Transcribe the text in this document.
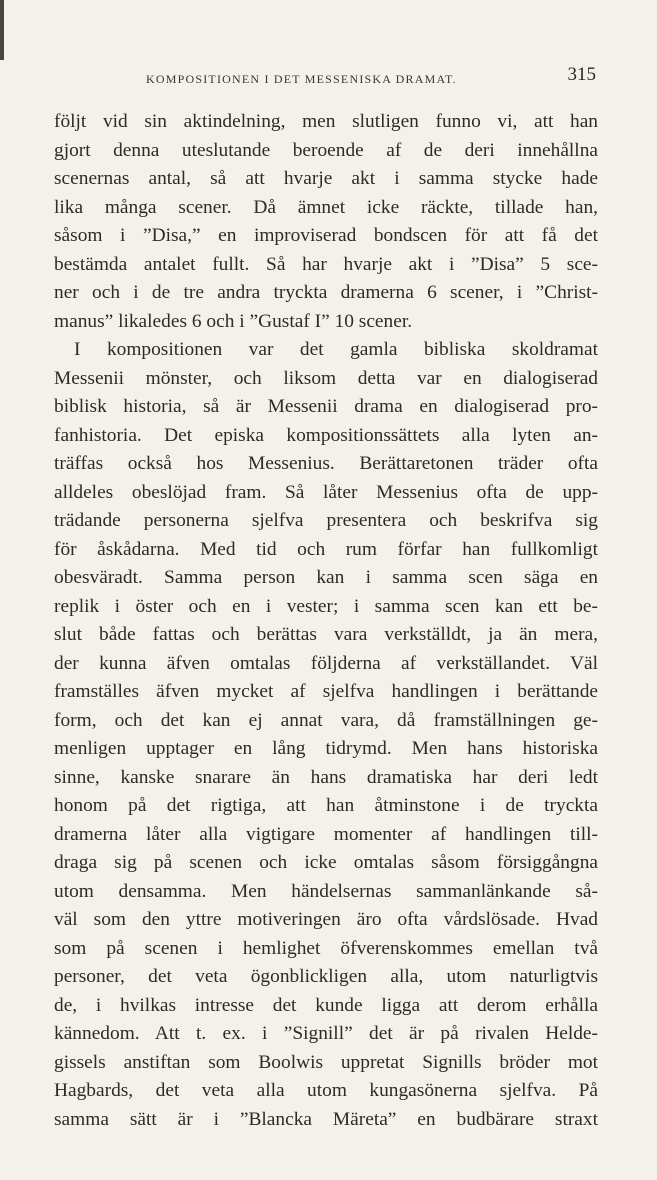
KOMPOSITIONEN I DET MESSENISKA DRAMAT.	315
följt vid sin aktindelning, men slutligen funno vi, att han
gjort denna uteslutande beroende af de deri innehållna
scenernas antal, så att hvarje akt i samma stycke hade
lika många scener. Då ämnet icke räckte, tillade han,
såsom i ”Disa,” en improviserad bondscen för att få det
bestämda antalet fullt. Så har hvarje akt i ”Disa” 5 sce-
ner och i de tre andra tryckta dramerna 6 scener, i ”Christ-
manus” likaledes 6 och i ”Gustaf I” 10 scener.
I kompositionen var det gamla bibliska skoldramat
Messenii mönster, och liksom detta var en dialogiserad
biblisk historia, så är Messenii drama en dialogiserad pro-
fanhistoria. Det episka kompositionssättets alla lyten an-
träffas också hos Messenius. Berättaretonen träder ofta
alldeles obeslöjad fram. Så låter Messenius ofta de upp-
trädande personerna sjelfva presentera och beskrifva sig
för åskådarna. Med tid och rum förfar han fullkomligt
obesväradt. Samma person kan i samma scen säga en
replik i öster och en i vester; i samma scen kan ett be-
slut både fattas och berättas vara verkställdt, ja än mera,
der kunna äfven omtalas följderna af verkställandet. Väl
framställes äfven mycket af sjelfva handlingen i berättande
form, och det kan ej annat vara, då framställningen ge-
menligen upptager en lång tidrymd. Men hans historiska
sinne, kanske snarare än hans dramatiska har deri ledt
honom på det rigtiga, att han åtminstone i de tryckta
dramerna låter alla vigtigare momenter af handlingen till-
draga sig på scenen och icke omtalas såsom försiggångna
utom densamma. Men händelsernas sammanlänkande så-
väl som den yttre motiveringen äro ofta vårdslösade. Hvad
som på scenen i hemlighet öfverenskommes emellan två
personer, det veta ögonblickligen alla, utom naturligtvis
de, i hvilkas intresse det kunde ligga att derom erhålla
kännedom. Att t. ex. i ”Signill” det är på rivalen Helde-
gissels anstiftan som Boolwis uppretat Signills bröder mot
Hagbards, det veta alla utom kungasönerna sjelfva. På
samma sätt är i ”Blancka Märeta” en budbärare straxt
